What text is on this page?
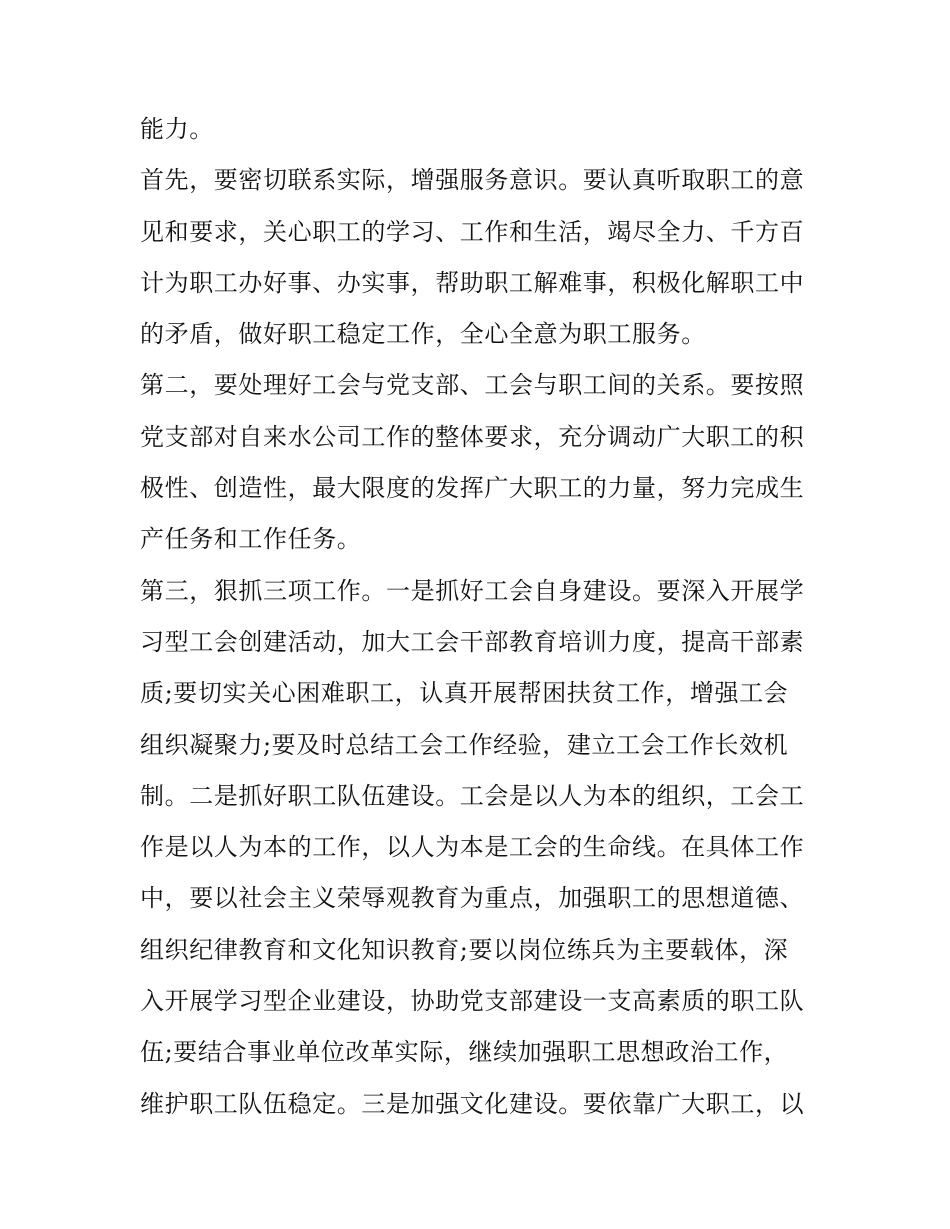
能力。
首先，要密切联系实际，增强服务意识。要认真听取职工的意
见和要求，关心职工的学习、工作和生活，竭尽全力、千方百
计为职工办好事、办实事，帮助职工解难事，积极化解职工中
的矛盾，做好职工稳定工作，全心全意为职工服务。
第二，要处理好工会与党支部、工会与职工间的关系。要按照
党支部对自来水公司工作的整体要求，充分调动广大职工的积
极性、创造性，最大限度的发挥广大职工的力量，努力完成生
产任务和工作任务。
第三，狠抓三项工作。一是抓好工会自身建设。要深入开展学
习型工会创建活动，加大工会干部教育培训力度，提高干部素
质;要切实关心困难职工，认真开展帮困扶贫工作，增强工会
组织凝聚力;要及时总结工会工作经验，建立工会工作长效机
制。二是抓好职工队伍建设。工会是以人为本的组织，工会工
作是以人为本的工作，以人为本是工会的生命线。在具体工作
中，要以社会主义荣辱观教育为重点，加强职工的思想道德、
组织纪律教育和文化知识教育;要以岗位练兵为主要载体，深
入开展学习型企业建设，协助党支部建设一支高素质的职工队
伍;要结合事业单位改革实际，继续加强职工思想政治工作，
维护职工队伍稳定。三是加强文化建设。要依靠广大职工，以
